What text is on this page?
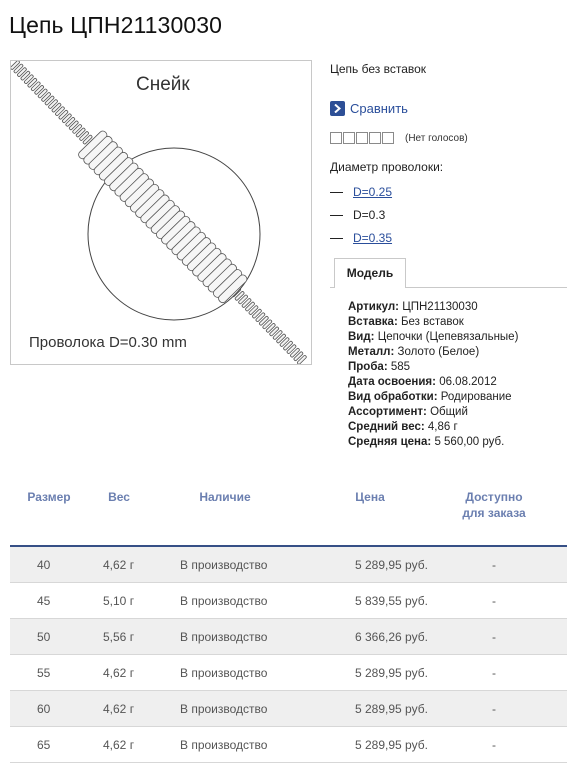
Цепь ЦПН21130030
Снейк
Проволока D=0.30 mm
Цепь без вставок
Сравнить
(Нет голосов)
Диаметр проволоки:
D=0.25
D=0.3
D=0.35
Модель
Артикул: ЦПН21130030
Вставка: Без вставок
Вид: Цепочки (Цепевязальные)
Металл: Золото (Белое)
Проба: 585
Дата освоения: 06.08.2012
Вид обработки: Родирование
Ассортимент: Общий
Средний вес: 4,86 г
Средняя цена: 5 560,00 руб.
Размер	Вес	Наличие	Цена	Доступно
для заказа
40	4,62 г	В производство	5 289,95 руб.	-
45	5,10 г	В производство	5 839,55 руб.	-
50	5,56 г	В производство	6 366,26 руб.	-
55	4,62 г	В производство	5 289,95 руб.	-
60	4,62 г	В производство	5 289,95 руб.	-
65	4,62 г	В производство	5 289,95 руб.	-
